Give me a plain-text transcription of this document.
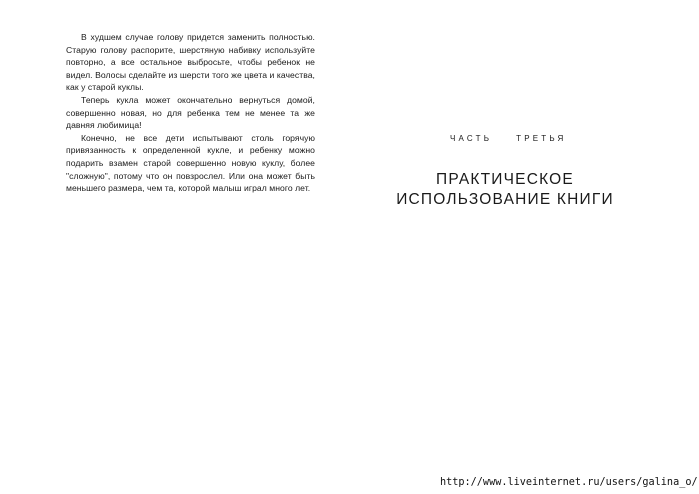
В худшем случае голову придется заменить полностью. Старую голову распорите, шерстяную набивку используйте повторно, а все остальное выбросьте, чтобы ребенок не видел. Волосы сделайте из шерсти того же цвета и качества, как у старой куклы.

Теперь кукла может окончательно вернуться домой, совершенно новая, но для ребенка тем не менее та же давняя любимица!

Конечно, не все дети испытывают столь горячую привязанность к определенной кукле, и ребенку можно подарить взамен старой совершенно новую куклу, более "сложную", потому что он повзрослел. Или она может быть меньшего размера, чем та, которой малыш играл много лет.

ЧАСТЬ	ТРЕТЬЯ
ПРАКТИЧЕСКОЕ
ИСПОЛЬЗОВАНИЕ КНИГИ
http://www.liveinternet.ru/users/galina_o/
